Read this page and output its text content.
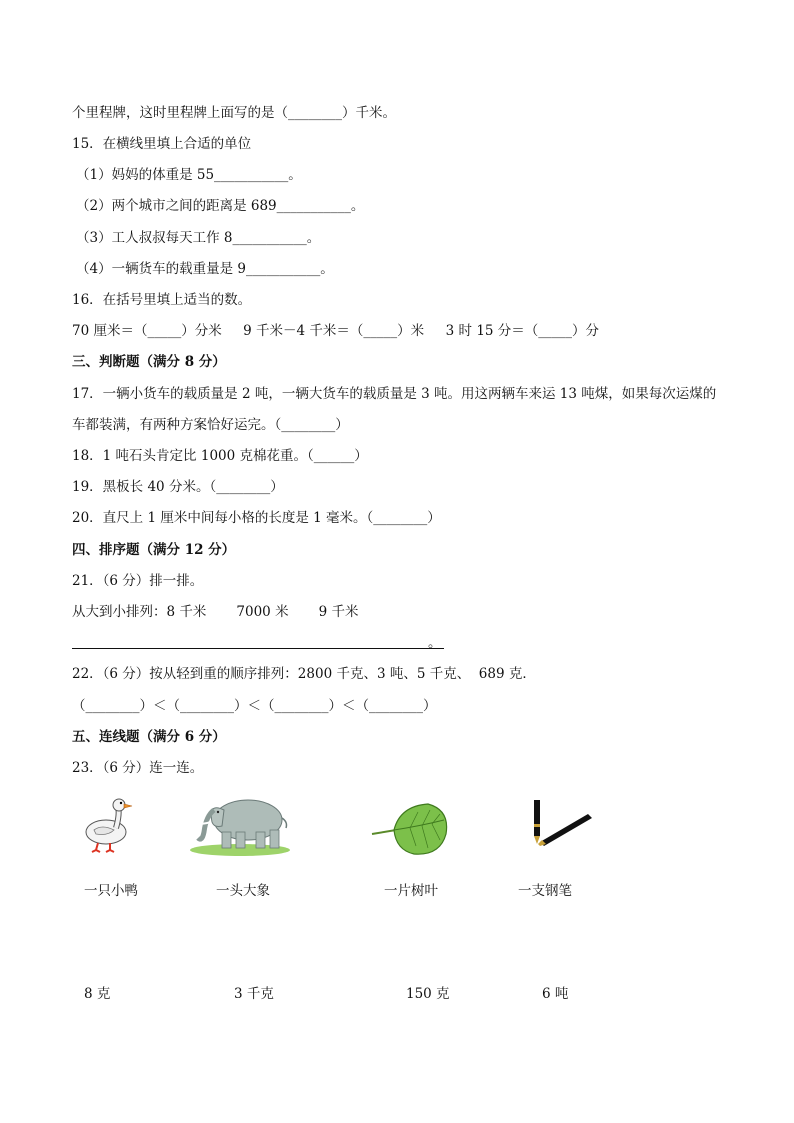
个里程牌，这时里程牌上面写的是（________）千米。
15．在横线里填上合适的单位
（1）妈妈的体重是 55___________。
（2）两个城市之间的距离是 689___________。
（3）工人叔叔每天工作 8___________。
（4）一辆货车的载重量是 9___________。
16．在括号里填上适当的数。
70 厘米＝（_____）分米     9 千米－4 千米＝（_____）米     3 时 15 分＝（_____）分
三、判断题（满分 8 分）
17．一辆小货车的载质量是 2 吨，一辆大货车的载质量是 3 吨。用这两辆车来运 13 吨煤，如果每次运煤的
车都装满，有两种方案恰好运完。（________）
18．1 吨石头肯定比 1000 克棉花重。（______）
19．黑板长 40 分米。（________）
20．直尺上 1 厘米中间每小格的长度是 1 毫米。（________）
四、排序题（满分 12 分）
21．（6 分）排一排。
从大到小排列：8 千米       7000 米       9 千米
。
22．（6 分）按从轻到重的顺序排列：2800 千克、3 吨、5 千克、  689 克．
（________）＜（________）＜（________）＜（________）
五、连线题（满分 6 分）
23．（6 分）连一连。
一只小鸭	一头大象	一片树叶	一支钢笔
8 克	3 千克	150 克	6 吨
